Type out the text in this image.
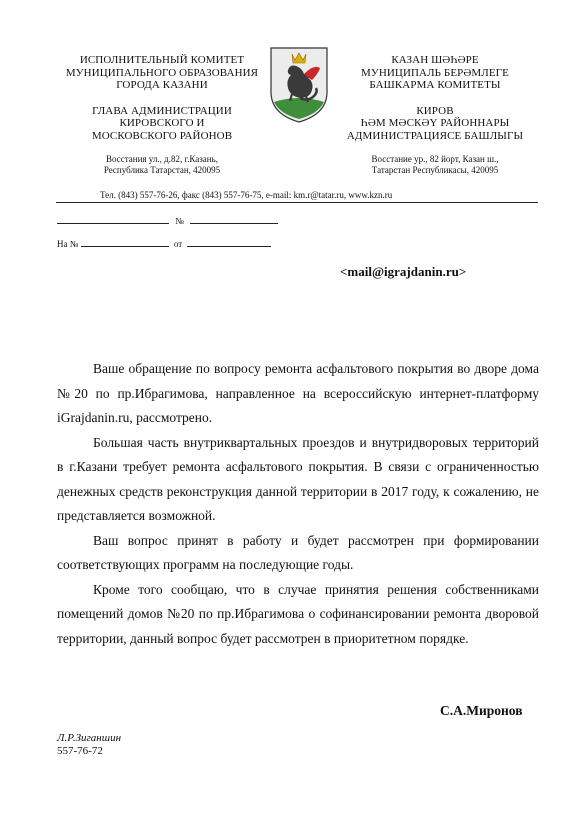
ИСПОЛНИТЕЛЬНЫЙ КОМИТЕТ
МУНИЦИПАЛЬНОГО ОБРАЗОВАНИЯ
ГОРОДА КАЗАНИ
ГЛАВА АДМИНИСТРАЦИИ
КИРОВСКОГО И
МОСКОВСКОГО РАЙОНОВ
Восстания ул., д.82, г.Казань,
Республика Татарстан, 420095
КАЗАН ШӘҺӘРЕ
МУНИЦИПАЛЬ БЕРӘМЛЕГЕ
БАШКАРМА КОМИТЕТЫ
КИРОВ
ҺӘМ МӘСКӘҮ РАЙОННАРЫ
АДМИНИСТРАЦИЯСЕ БАШЛЫГЫ
Восстание ур., 82 йорт, Казан ш.,
Татарстан Республикасы, 420095
Тел. (843) 557-76-26, факс (843) 557-76-75, e-mail: km.r@tatar.ru, www.kzn.ru
№
На №	от
<mail@igrajdanin.ru>

Ваше обращение по вопросу ремонта асфальтового покрытия во дворе дома №20 по пр.Ибрагимова, направленное на всероссийскую интернет-платформу iGrajdanin.ru, рассмотрено.

Большая часть внутриквартальных проездов и внутридворовых территорий в г.Казани требует ремонта асфальтового покрытия. В связи с ограниченностью денежных средств реконструкция данной территории в 2017 году, к сожалению, не представляется возможной.

Ваш вопрос принят в работу и будет рассмотрен при формировании соответствующих программ на последующие годы.

Кроме того сообщаю, что в случае принятия решения собственниками помещений домов №20 по пр.Ибрагимова о софинансировании ремонта дворовой территории, данный вопрос будет рассмотрен в приоритетном порядке.

С.А.Миронов
Л.Р.Зиганшин
557-76-72
